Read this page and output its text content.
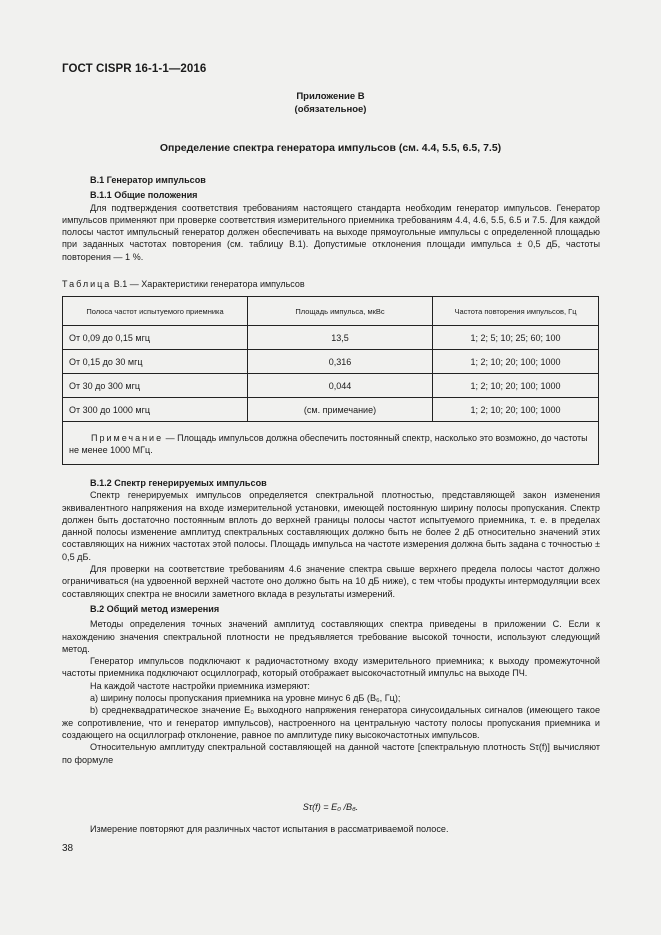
ГОСТ CISPR 16-1-1—2016
Приложение В
(обязательное)
Определение спектра генератора импульсов (см. 4.4, 5.5, 6.5, 7.5)

В.1 Генератор импульсов

В.1.1 Общие положения

Для подтверждения соответствия требованиям настоящего стандарта необходим генератор импульсов. Генератор импульсов применяют при проверке соответствия измерительного приемника требованиям 4.4, 4.6, 5.5, 6.5 и 7.5. Для каждой полосы частот импульсный генератор должен обеспечивать на выходе прямоугольные импульсы с определенной площадью при заданных частотах повторения (см. таблицу В.1). Допустимые отклонения площади импульса ± 0,5 дБ, частоты повторения — 1 %.

Таблица В.1 — Характеристики генератора импульсов
Полоса частот испытуемого приемника	Площадь импульса, мкВс	Частота повторения импульсов, Гц
От 0,09 до 0,15 мгц	13,5	1; 2; 5; 10; 25; 60; 100
От 0,15 до 30 мгц	0,316	1; 2; 10; 20; 100; 1000
От 30 до 300 мгц	0,044	1; 2; 10; 20; 100; 1000
От 300 до 1000 мгц	(см. примечание)	1; 2; 10; 20; 100; 1000
Примечание — Площадь импульсов должна обеспечить постоянный спектр, насколько это возможно, до частоты не менее 1000 МГц.		

В.1.2 Спектр генерируемых импульсов

Спектр генерируемых импульсов определяется спектральной плотностью, представляющей закон изменения эквивалентного напряжения на входе измерительной установки, имеющей постоянную ширину полосы пропускания. Спектр должен быть достаточно постоянным вплоть до верхней границы полосы частот испытуемого приемника, т. е. в пределах данной полосы изменение амплитуд спектральных составляющих должно быть не более 2 дБ относительно значений этих составляющих на нижних частотах этой полосы. Площадь импульса на частоте измерения должна быть задана с точностью ± 0,5 дБ.

Для проверки на соответствие требованиям 4.6 значение спектра свыше верхнего предела полосы частот должно ограничиваться (на удвоенной верхней частоте оно должно быть на 10 дБ ниже), с тем чтобы продукты интермодуляции всех составляющих спектра не вносили заметного вклада в результаты измерений.

В.2 Общий метод измерения

Методы определения точных значений амплитуд составляющих спектра приведены в приложении С. Если к нахождению значения спектральной плотности не предъявляется требование высокой точности, используют следующий метод.

Генератор импульсов подключают к радиочастотному входу измерительного приемника; к выходу промежуточной частоты приемника подключают осциллограф, который отображает высокочастотный импульс на выходе ПЧ.

На каждой частоте настройки приемника измеряют:

а) ширину полосы пропускания приемника на уровне минус 6 дБ (B₆, Гц);

b) среднеквадратическое значение E₀ выходного напряжения генератора синусоидальных сигналов (имеющего такое же сопротивление, что и генератор импульсов), настроенного на центральную частоту полосы пропускания приемника и создающего на осциллограф отклонение, равное по амплитуде пику высокочастотных импульсов.

Относительную амплитуду спектральной составляющей на данной частоте [спектральную плотность Sτ(f)] вычисляют по формуле

Sτ(f) = E₀ /B₆.

Измерение повторяют для различных частот испытания в рассматриваемой полосе.

38
